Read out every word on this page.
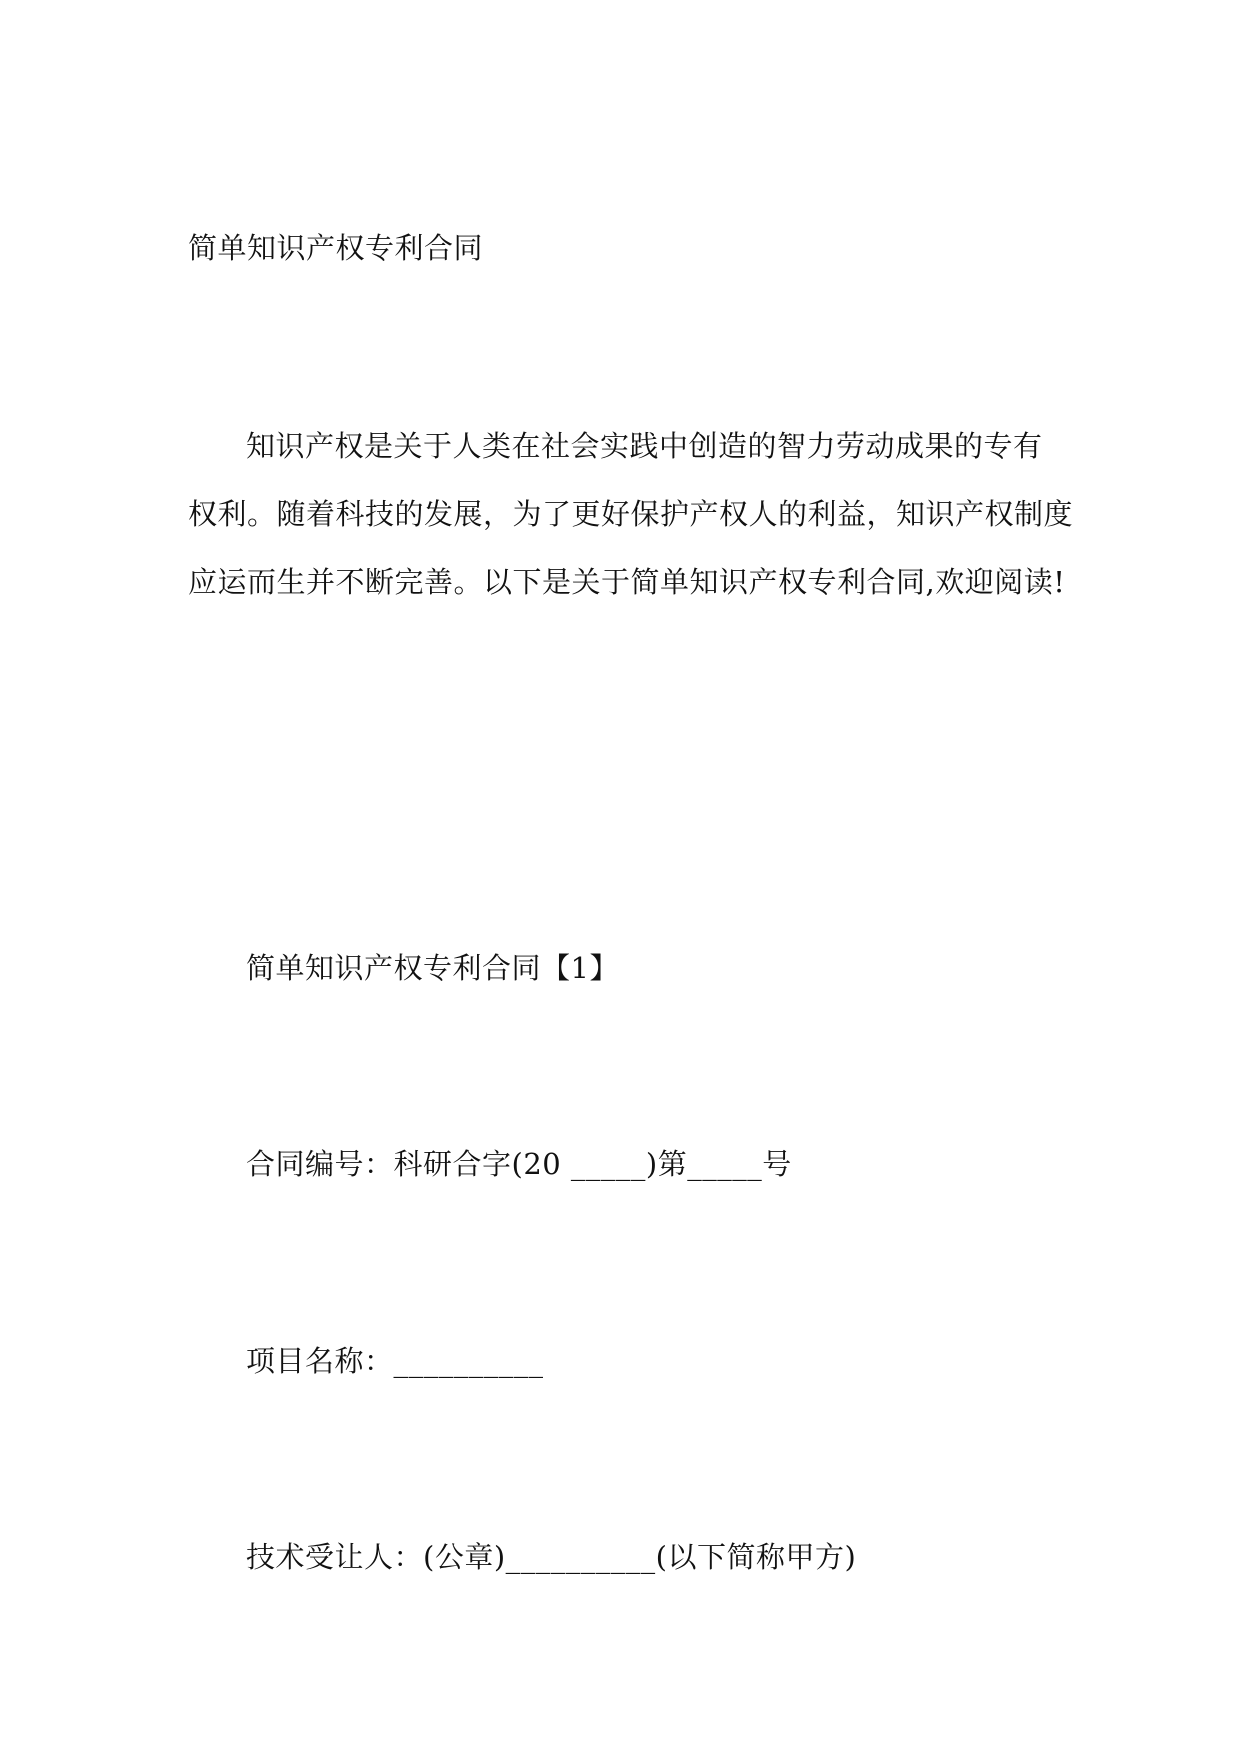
简单知识产权专利合同
知识产权是关于人类在社会实践中创造的智力劳动成果的专有
权利。随着科技的发展，为了更好保护产权人的利益，知识产权制度
应运而生并不断完善。以下是关于简单知识产权专利合同,欢迎阅读!
简单知识产权专利合同【1】
合同编号：科研合字(20 _____)第_____号
项目名称：__________
技术受让人：(公章)__________(以下简称甲方)
